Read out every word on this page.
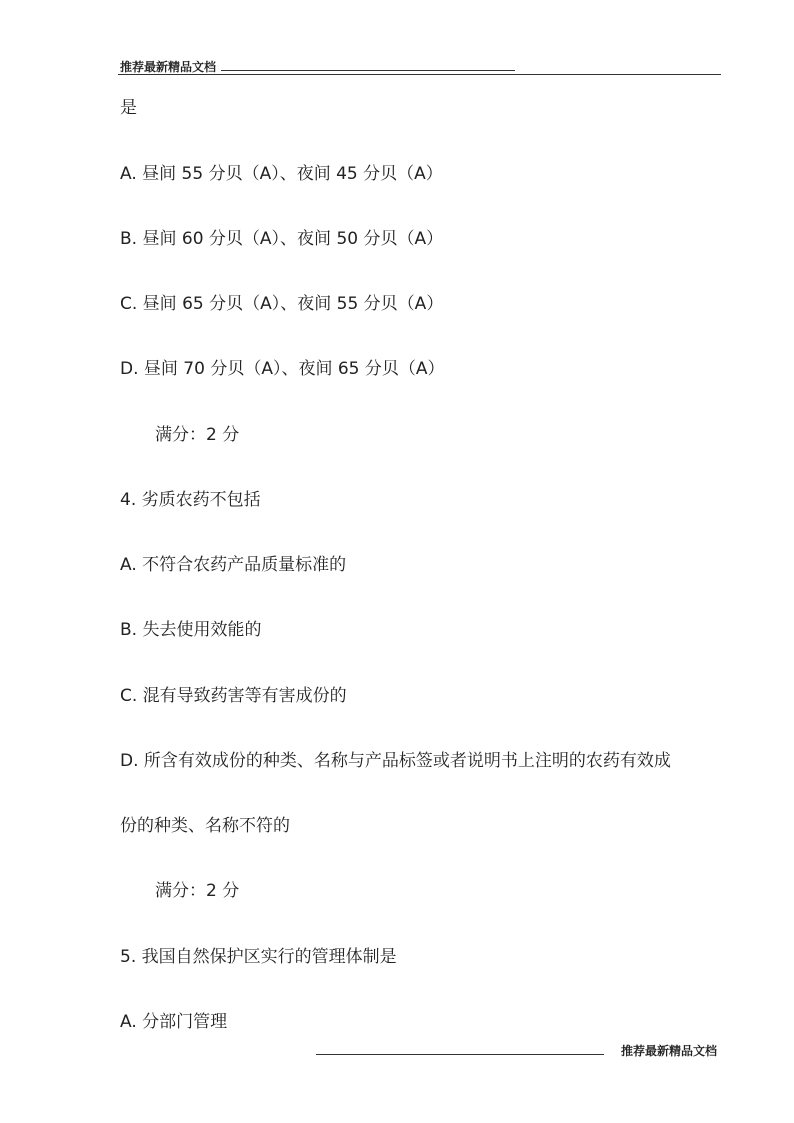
推荐最新精品文档
是
A. 昼间 55 分贝（A）、夜间 45 分贝（A）
B. 昼间 60 分贝（A）、夜间 50 分贝（A）
C. 昼间 65 分贝（A）、夜间 55 分贝（A）
D. 昼间 70 分贝（A）、夜间 65 分贝（A）
满分：2 分
4. 劣质农药不包括
A. 不符合农药产品质量标准的
B. 失去使用效能的
C. 混有导致药害等有害成份的
D. 所含有效成份的种类、名称与产品标签或者说明书上注明的农药有效成
份的种类、名称不符的
满分：2 分
5. 我国自然保护区实行的管理体制是
A. 分部门管理
推荐最新精品文档
